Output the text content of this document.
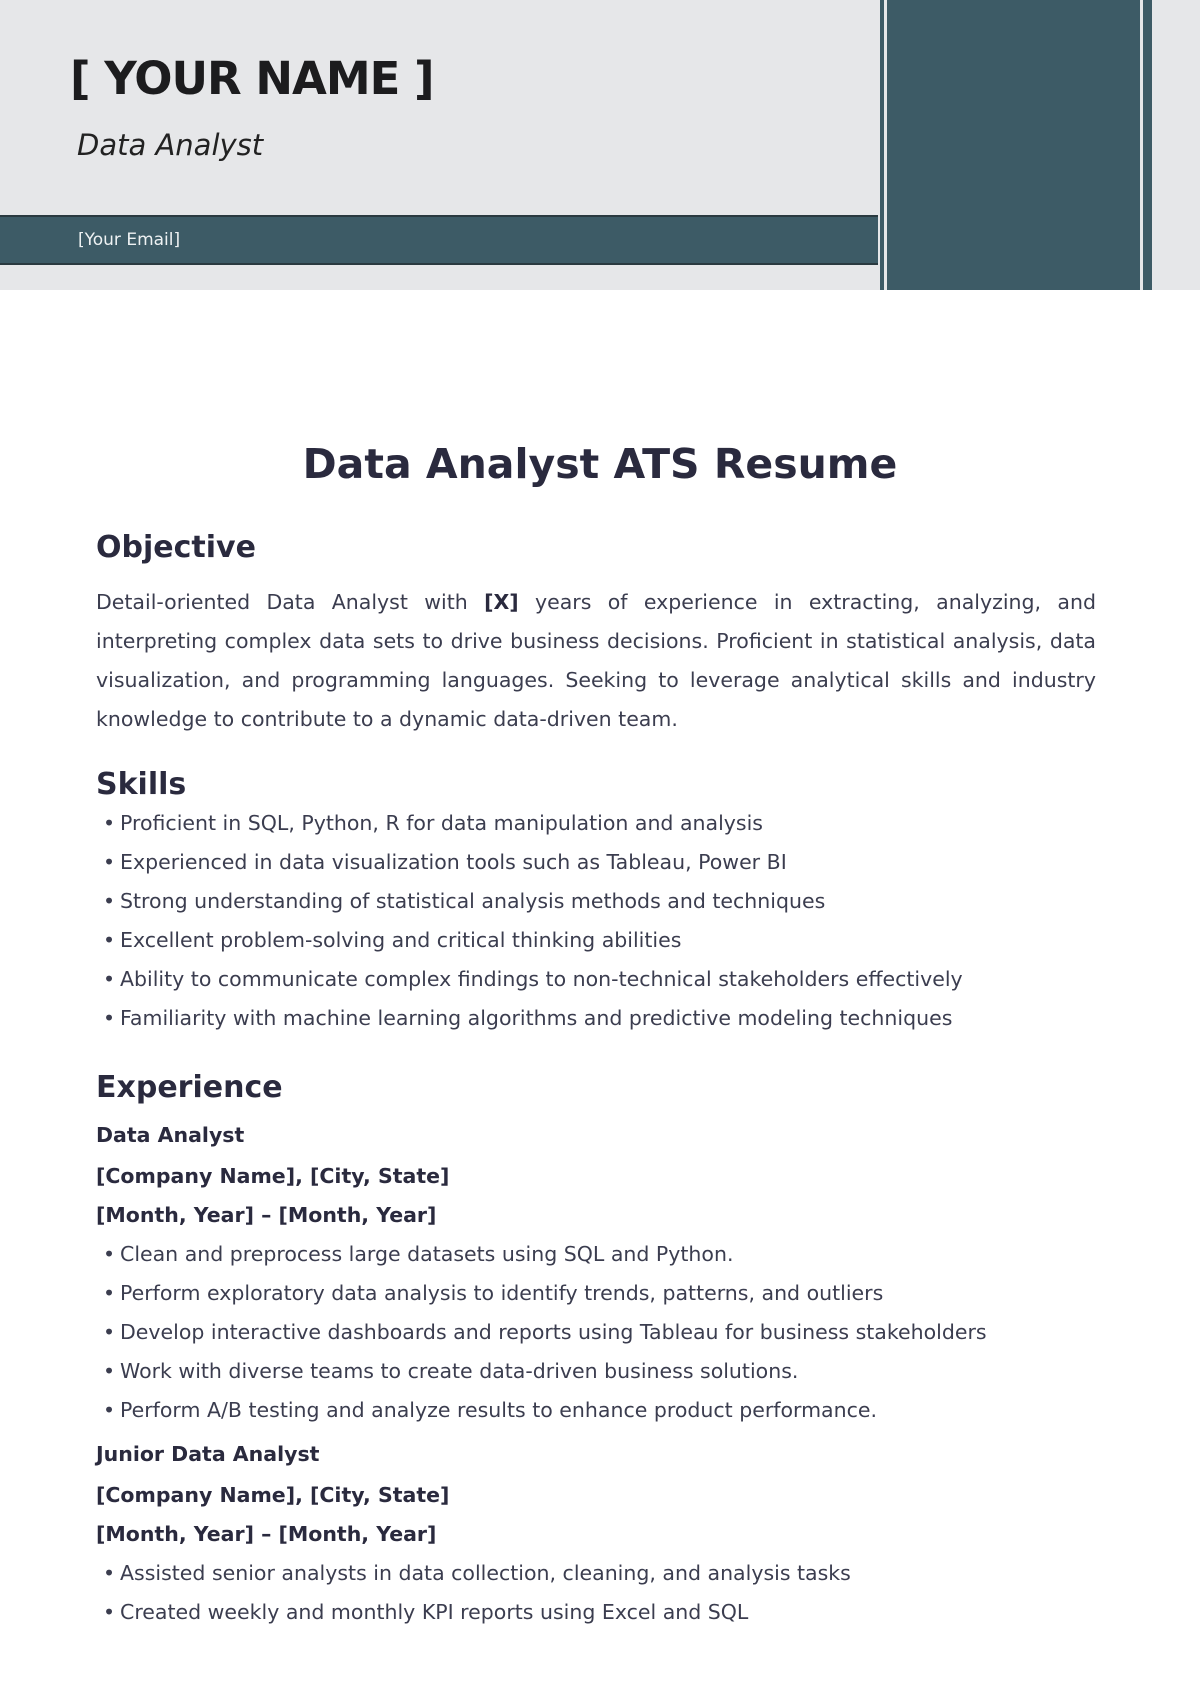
[ YOUR NAME ]
Data Analyst
[Your Email]
Data Analyst ATS Resume
Objective

Detail-oriented Data Analyst with [X] years of experience in extracting, analyzing, and interpreting complex data sets to drive business decisions. Proficient in statistical analysis, data visualization, and programming languages. Seeking to leverage analytical skills and industry knowledge to contribute to a dynamic data-driven team.

Skills
• Proficient in SQL, Python, R for data manipulation and analysis
• Experienced in data visualization tools such as Tableau, Power BI
• Strong understanding of statistical analysis methods and techniques
• Excellent problem-solving and critical thinking abilities
• Ability to communicate complex findings to non-technical stakeholders effectively
• Familiarity with machine learning algorithms and predictive modeling techniques
Experience
Data Analyst
[Company Name], [City, State]
[Month, Year] – [Month, Year]
• Clean and preprocess large datasets using SQL and Python.
• Perform exploratory data analysis to identify trends, patterns, and outliers
• Develop interactive dashboards and reports using Tableau for business stakeholders
• Work with diverse teams to create data-driven business solutions.
• Perform A/B testing and analyze results to enhance product performance.
Junior Data Analyst
[Company Name], [City, State]
[Month, Year] – [Month, Year]
• Assisted senior analysts in data collection, cleaning, and analysis tasks
• Created weekly and monthly KPI reports using Excel and SQL
